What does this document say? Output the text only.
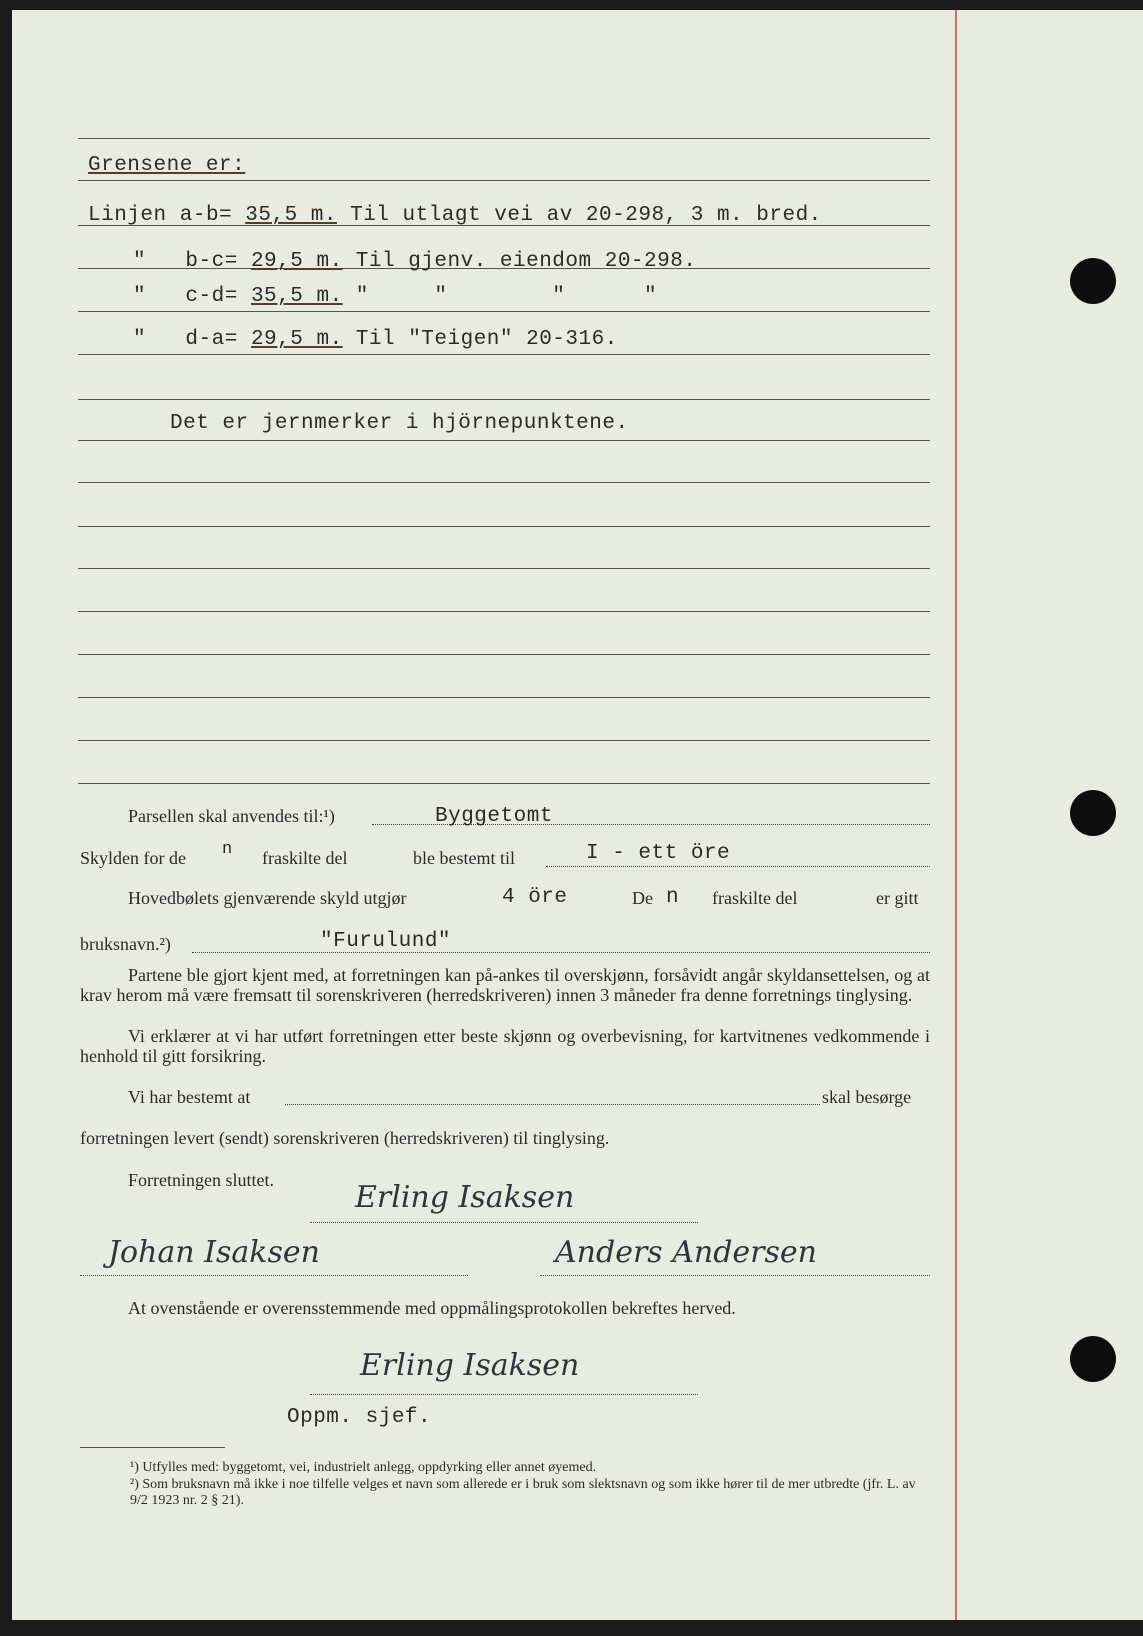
Grensene er:
Linjen a-b= 35,5 m. Til utlagt vei av 20-298, 3 m. bred.
" b-c= 29,5 m. Til gjenv. eiendom 20-298.
" c-d= 35,5 m. "     "        "      "
" d-a= 29,5 m. Til "Teigen" 20-316.
Det er jernmerker i hjörnepunktene.
Parsellen skal anvendes til:¹)	Byggetomt
Skylden for de n fraskilte del	ble bestemt til	I - ett öre
Hovedbølets gjenværende skyld utgjør	4 öre	De n fraskilte del	er gitt
bruksnavn.²)	"Furulund"
Partene ble gjort kjent med, at forretningen kan på-ankes til overskjønn, forsåvidt angår skyldansettelsen, og at krav herom må være fremsatt til sorenskriveren (herredskriveren) innen 3 måneder fra denne forretnings tinglysing.
Vi erklærer at vi har utført forretningen etter beste skjønn og overbevisning, for kartvitnenes vedkommende i henhold til gitt forsikring.
Vi har bestemt at	skal besørge
forretningen levert (sendt) sorenskriveren (herredskriveren) til tinglysing.
Forretningen sluttet.	Erling Isaksen
Johan Isaksen	Anders Andersen
At ovenstående er overensstemmende med oppmålingsprotokollen bekreftes herved.
Erling Isaksen
Oppm. sjef.
¹) Utfylles med: byggetomt, vei, industrielt anlegg, oppdyrking eller annet øyemed.
²) Som bruksnavn må ikke i noe tilfelle velges et navn som allerede er i bruk som slektsnavn og som ikke hører til de mer utbredte (jfr. L. av 9/2 1923 nr. 2 § 21).
